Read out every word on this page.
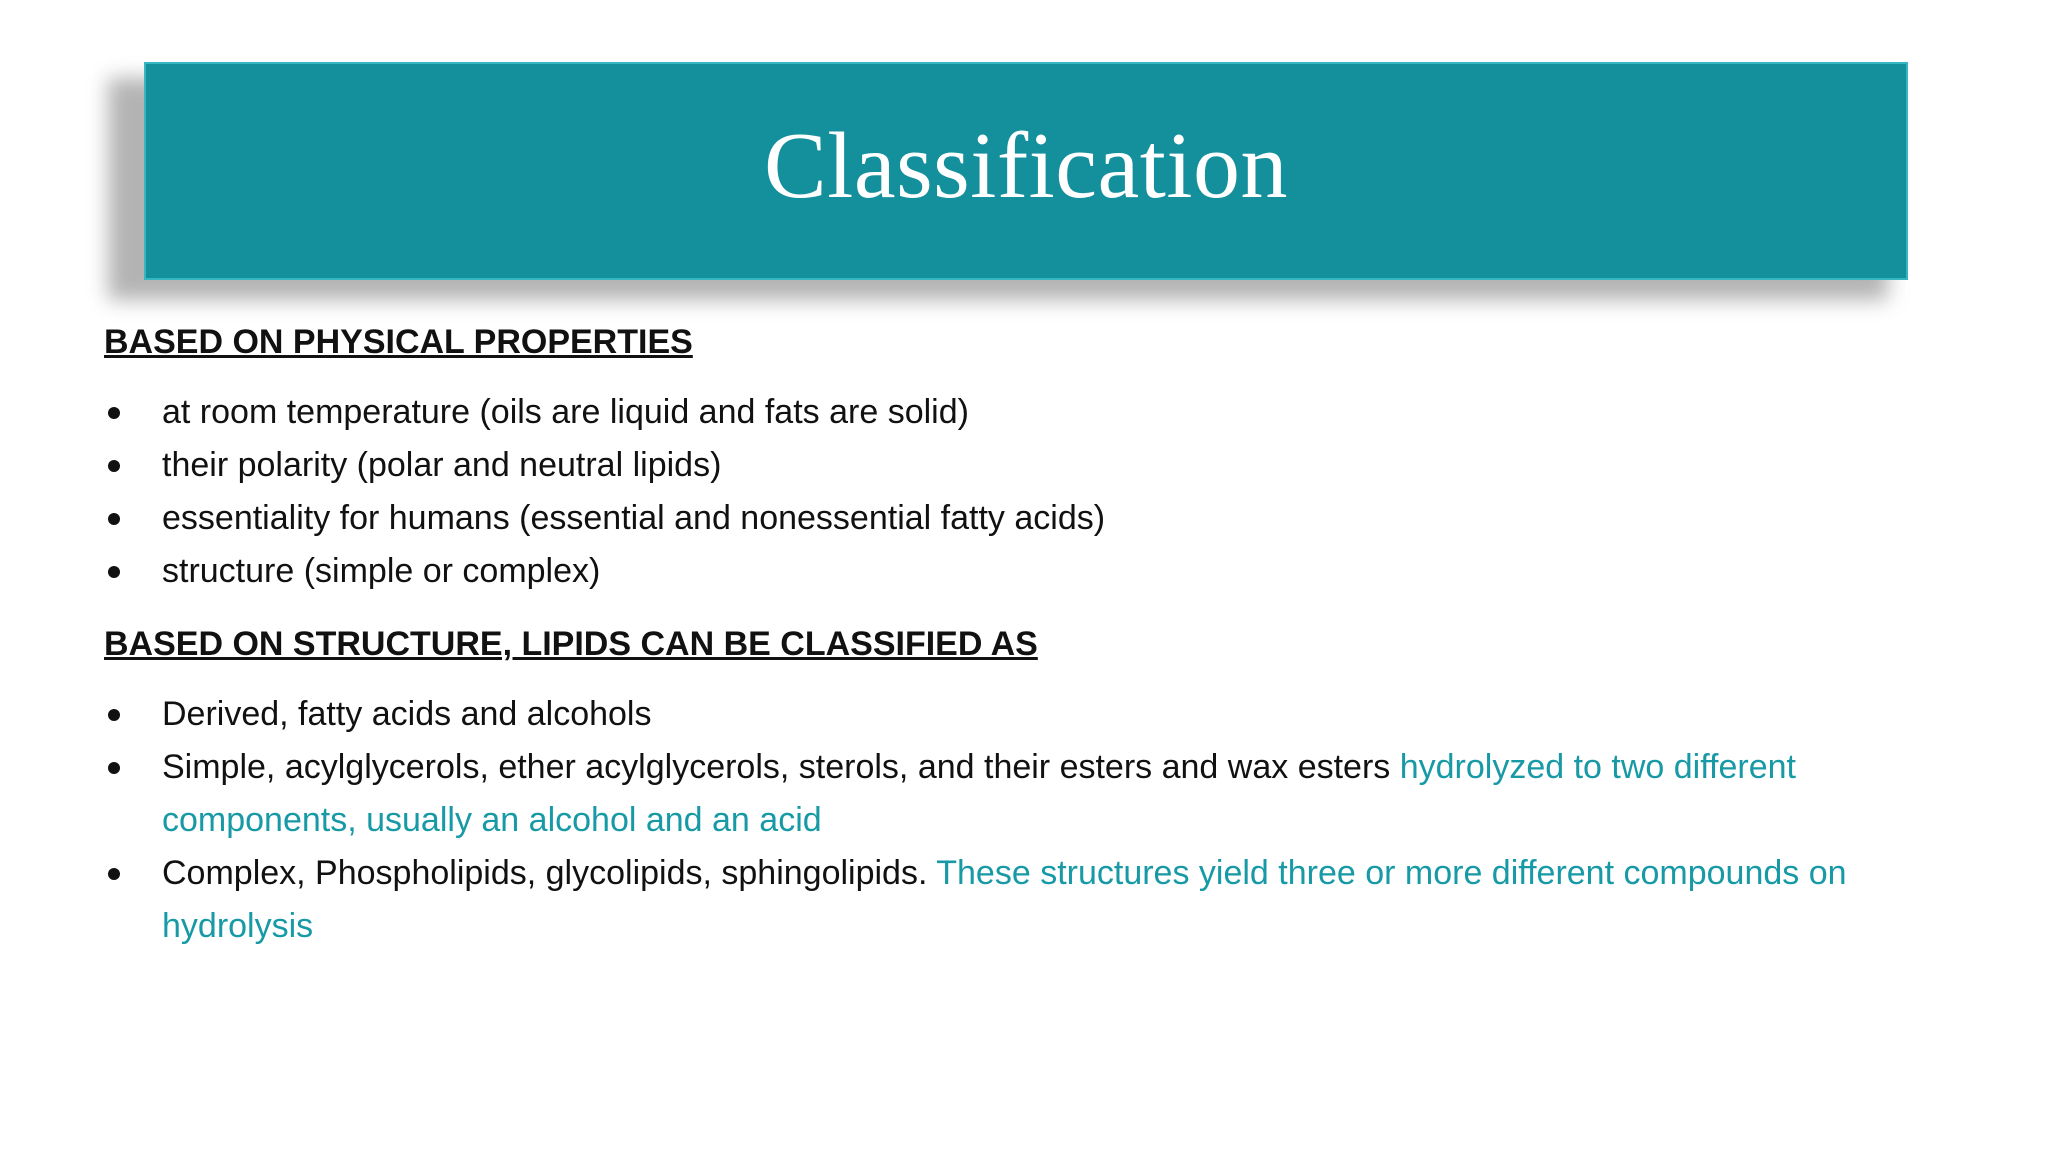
Classification

BASED ON PHYSICAL PROPERTIES

at room temperature (oils are liquid and fats are solid)
their polarity (polar and neutral lipids)
essentiality for humans (essential and nonessential fatty acids)
structure (simple or complex)

BASED ON STRUCTURE, LIPIDS CAN BE CLASSIFIED AS

Derived, fatty acids and alcohols
Simple, acylglycerols, ether acylglycerols, sterols, and their esters and wax esters hydrolyzed to two different components, usually an alcohol and an acid
Complex, Phospholipids, glycolipids, sphingolipids. These structures yield three or more different compounds on hydrolysis
